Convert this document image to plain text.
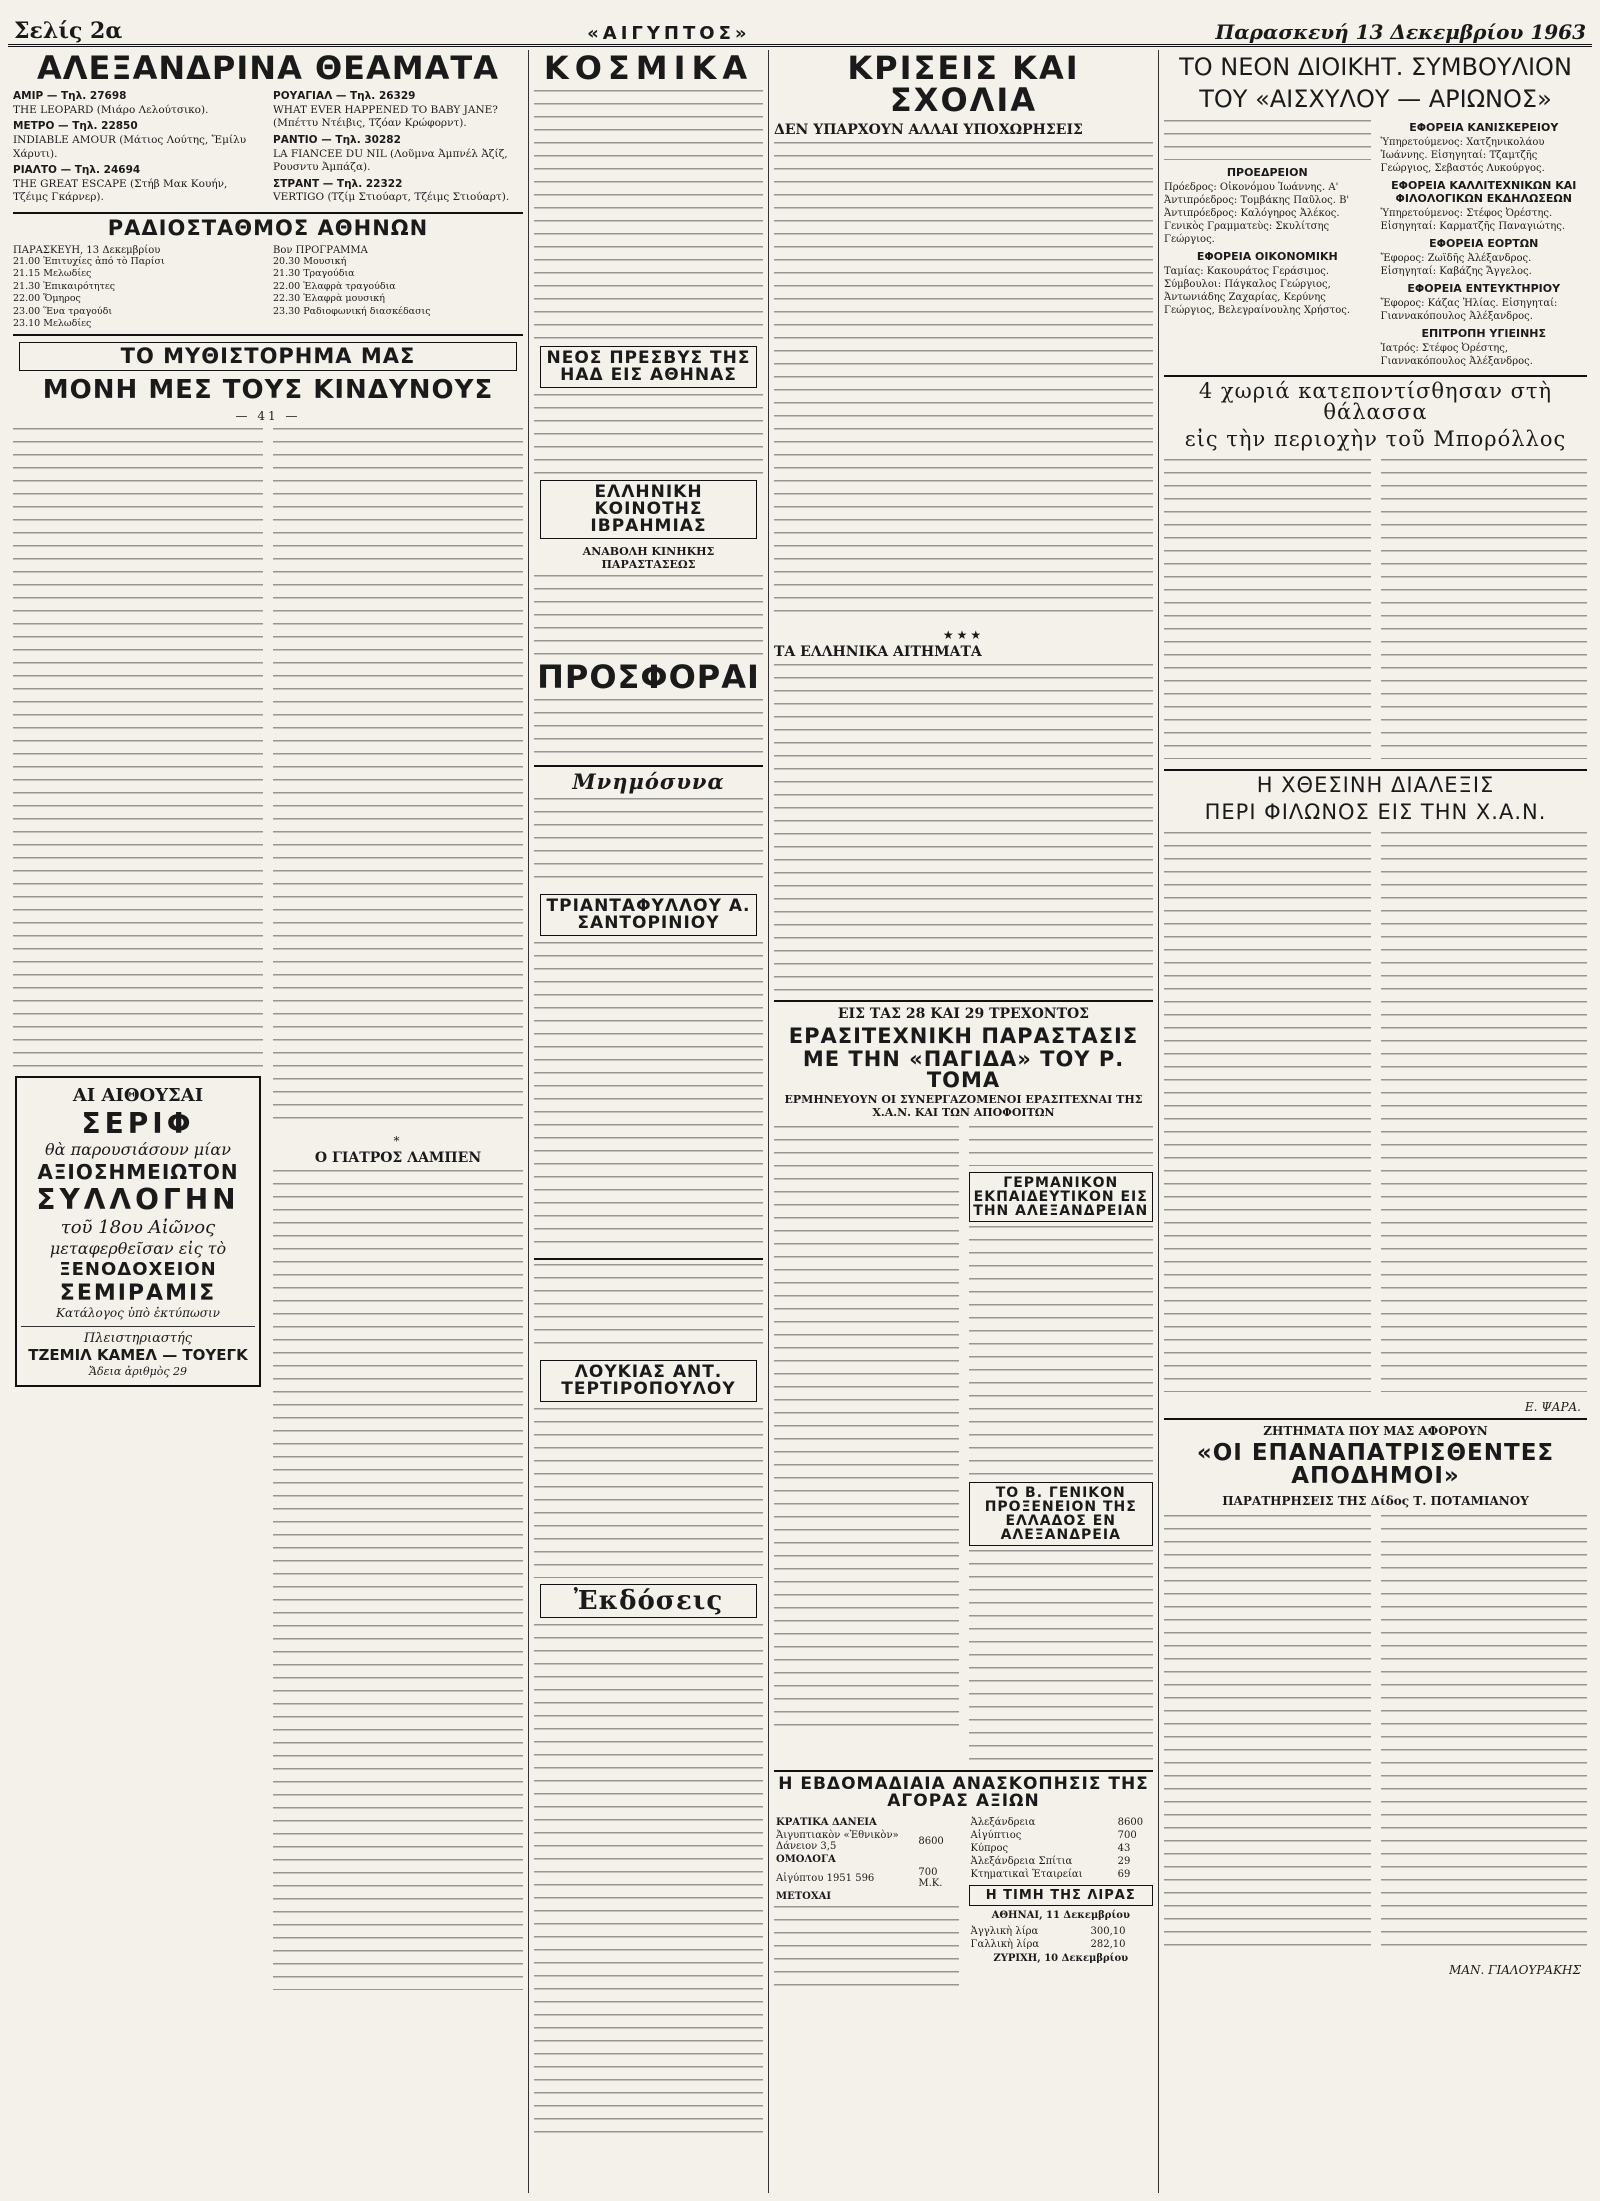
Σελίς 2α	«ΑΙΓΥΠΤΟΣ»	Παρασκευή 13 Δεκεμβρίου 1963
ΑΛΕΞΑΝΔΡΙΝΑ ΘΕΑΜΑΤΑ
ΑΜΙΡ — Τηλ. 27698
THE LEOPARD (Μιάρο Λελούτσικο).
ΜΕΤΡΟ — Τηλ. 22850
INDIABLE AMOUR (Μάτιος Λούτης, Ἔμίλυ Χάρυτι).
ΡΙΑΛΤΟ — Τηλ. 24694
THE GREAT ESCAPE (Στήβ Μακ Κουήν, Τζέιμς Γκάρνερ).
ΡΟΥΑΓΙΑΛ — Τηλ. 26329
WHAT EVER HAPPENED TO BABY JANE? (Μπέττυ Ντέιβις, Τζόαν Κρώφορντ).
ΡΑΝΤΙΟ — Τηλ. 30282
LA FIANCEE DU NIL (Λοῦμνα Ἀμπνέλ Ἀζίζ, Ρουσντυ Ἀμπάζα).
ΣΤΡΑΝΤ — Τηλ. 22322
VERTIGO (Τζίμ Στιούαρτ, Τζέιμς Στιούαρτ).
ΡΑΔΙΟΣΤΑΘΜΟΣ ΑΘΗΝΩΝ
ΠΑΡΑΣΚΕΥΗ, 13 Δεκεμβρίου	Βον ΠΡΟΓΡΑΜΜΑ
21.00 Ἐπιτυχίες ἀπό τὸ Παρίσι
21.15 Μελωδίες
21.30 Ἐπικαιρότητες
22.00 Ὅμηρος
23.00 Ἕνα τραγούδι
23.10 Μελωδίες
20.30 Μουσική
21.30 Τραγούδια
22.00 Ἐλαφρὰ τραγούδια
22.30 Ἐλαφρὰ μουσική
23.30 Ραδιοφωνική διασκέδασις
ΤΟ ΜΥΘΙΣΤΟΡΗΜΑ ΜΑΣ
ΜΟΝΗ ΜΕΣ ΤΟΥΣ ΚΙΝΔΥΝΟΥΣ
— 41 —
ΑΙ ΑΙΘΟΥΣΑΙ
ΣΕΡΙΦ
θὰ παρουσιάσουν μίαν
ΑΞΙΟΣΗΜΕΙΩΤΟΝ
ΣΥΛΛΟΓΗΝ
τοῦ 18ου Αἰῶνος
μεταφερθεῖσαν εἰς τὸ
ΞΕΝΟΔΟΧΕΙΟΝ
ΣΕΜΙΡΑΜΙΣ
Κατάλογος ὑπὸ ἐκτύπωσιν
Πλειστηριαστής
ΤΖΕΜΙΛ ΚΑΜΕΛ — ΤΟΥΕΓΚ
Ἄδεια ἀριθμὸς 29
*
Ο ΓΙΑΤΡΟΣ ΛΑΜΠΕΝ
ΚΟΣΜΙΚΑ
ΝΕΟΣ ΠΡΕΣΒΥΣ ΤΗΣ ΗΑΔ ΕΙΣ ΑΘΗΝΑΣ
ΕΛΛΗΝΙΚΗ ΚΟΙΝΟΤΗΣ ΙΒΡΑΗΜΙΑΣ
ΑΝΑΒΟΛΗ ΚΙΝΗΚΗΣ ΠΑΡΑΣΤΑΣΕΩΣ
ΠΡΟΣΦΟΡΑΙ
Μνημόσυνα
ΤΡΙΑΝΤΑΦΥΛΛΟΥ Α. ΣΑΝΤΟΡΙΝΙΟΥ
ΛΟΥΚΙΑΣ ΑΝΤ. ΤΕΡΤΙΡΟΠΟΥΛΟΥ
Ἐκδόσεις
ΚΡΙΣΕΙΣ ΚΑΙ ΣΧΟΛΙΑ
ΔΕΝ ΥΠΑΡΧΟΥΝ ΑΛΛΑΙ ΥΠΟΧΩΡΗΣΕΙΣ
★★★
ΤΑ ΕΛΛΗΝΙΚΑ ΑΙΤΗΜΑΤΑ
ΕΙΣ ΤΑΣ 28 ΚΑΙ 29 ΤΡΕΧΟΝΤΟΣ
ΕΡΑΣΙΤΕΧΝΙΚΗ ΠΑΡΑΣΤΑΣΙΣ
ΜΕ ΤΗΝ «ΠΑΓΙΔΑ» ΤΟΥ Ρ. ΤΟΜΑ
ΕΡΜΗΝΕΥΟΥΝ ΟΙ ΣΥΝΕΡΓΑΖΟΜΕΝΟΙ ΕΡΑΣΙΤΕΧΝΑΙ ΤΗΣ Χ.Α.Ν. ΚΑΙ ΤΩΝ ΑΠΟΦΟΙΤΩΝ
ΓΕΡΜΑΝΙΚΟΝ ΕΚΠΑΙΔΕΥΤΙΚΟΝ ΕΙΣ ΤΗΝ ΑΛΕΞΑΝΔΡΕΙΑΝ
ΤΟ Β. ΓΕΝΙΚΟΝ ΠΡΟΞΕΝΕΙΟΝ ΤΗΣ ΕΛΛΑΔΟΣ ΕΝ ΑΛΕΞΑΝΔΡΕΙΑ
Η ΕΒΔΟΜΑΔΙΑΙΑ ΑΝΑΣΚΟΠΗΣΙΣ ΤΗΣ ΑΓΟΡΑΣ ΑΞΙΩΝ
ΚΡΑΤΙΚΑ ΔΑΝΕΙΑ	
Ἀιγυπτιακὸν «Ἐθνικὸν» Δάνειον 3,5	8600
ΟΜΟΛΟΓΑ	
Αἰγύπτου 1951 596	700 Μ.Κ.
ΜΕΤΟΧΑΙ	
Ἀλεξάνδρεια	8600
Αἰγύπτιος	700
Κύπρος	43
Ἀλεξάνδρεια Σπίτια	29
Κτηματικαὶ Ἑταιρείαι	69
Η ΤΙΜΗ ΤΗΣ ΛΙΡΑΣ
ΑΘΗΝΑΙ, 11 Δεκεμβρίου
Ἀγγλικὴ λίρα	300,10
Γαλλικὴ λίρα	282,10
ΖΥΡΙΧΗ, 10 Δεκεμβρίου
ΤΟ ΝΕΟΝ ΔΙΟΙΚΗΤ. ΣΥΜΒΟΥΛΙΟΝ
ΤΟΥ «ΑΙΣΧΥΛΟΥ — ΑΡΙΩΝΟΣ»
ΠΡΟΕΔΡΕΙΟΝ
Πρόεδρος: Οἰκονόμου Ἰωάννης. Α' Ἀντιπρόεδρος: Τομβάκης Παῦλος. Β' Ἀντιπρόεδρος: Καλόγηρος Ἀλέκος. Γενικὸς Γραμματεὺς: Σκυλίτσης Γεώργιος.
ΕΦΟΡΕΙΑ ΟΙΚΟΝΟΜΙΚΗ
Ταμίας: Κακουράτος Γεράσιμος. Σύμβουλοι: Πάγκαλος Γεώργιος, Ἀντωνιάδης Ζαχαρίας, Κερύνης Γεώργιος, Βελεγραίνουλης Χρήστος.
ΕΦΟΡΕΙΑ ΚΑΝΙΣΚΕΡΕΙΟΥ
Ὑπηρετούμενος: Χατζηνικολάου Ἰωάννης. Εἰσηγηταί: Τζαμτζῆς Γεώργιος, Σεβαστός Λυκούργος.
ΕΦΟΡΕΙΑ ΚΑΛΛΙΤΕΧΝΙΚΩΝ ΚΑΙ ΦΙΛΟΛΟΓΙΚΩΝ ΕΚΔΗΛΩΣΕΩΝ
Ὑπηρετούμενος: Στέφος Ὀρέστης. Εἰσηγηταί: Καρματζῆς Παναγιώτης.
ΕΦΟΡΕΙΑ ΕΟΡΤΩΝ
Ἔφορος: Ζωϊδῆς Ἀλέξανδρος. Εἰσηγηταί: Καβάζης Ἄγγελος.
ΕΦΟΡΕΙΑ ΕΝΤΕΥΚΤΗΡΙΟΥ
Ἔφορος: Κάζας Ἠλίας. Εἰσηγηταί: Γιαννακόπουλος Ἀλέξανδρος.
ΕΠΙΤΡΟΠΗ ΥΓΙΕΙΝΗΣ
Ἰατρός: Στέφος Ὀρέστης, Γιαννακόπουλος Ἀλέξανδρος.
4 χωριά κατεποντίσθησαν στὴ θάλασσα
εἰς τὴν περιοχὴν τοῦ Μπορόλλος
Η ΧΘΕΣΙΝΗ ΔΙΑΛΕΞΙΣ
ΠΕΡΙ ΦΙΛΩΝΟΣ ΕΙΣ ΤΗΝ Χ.Α.Ν.
Ε. ΨΑΡΑ.
ΖΗΤΗΜΑΤΑ ΠΟΥ ΜΑΣ ΑΦΟΡΟΥΝ
«ΟΙ ΕΠΑΝΑΠΑΤΡΙΣΘΕΝΤΕΣ ΑΠΟΔΗΜΟΙ»
ΠΑΡΑΤΗΡΗΣΕΙΣ ΤΗΣ Δίδος Τ. ΠΟΤΑΜΙΑΝΟΥ
ΜΑΝ. ΓΙΑΛΟΥΡΑΚΗΣ
